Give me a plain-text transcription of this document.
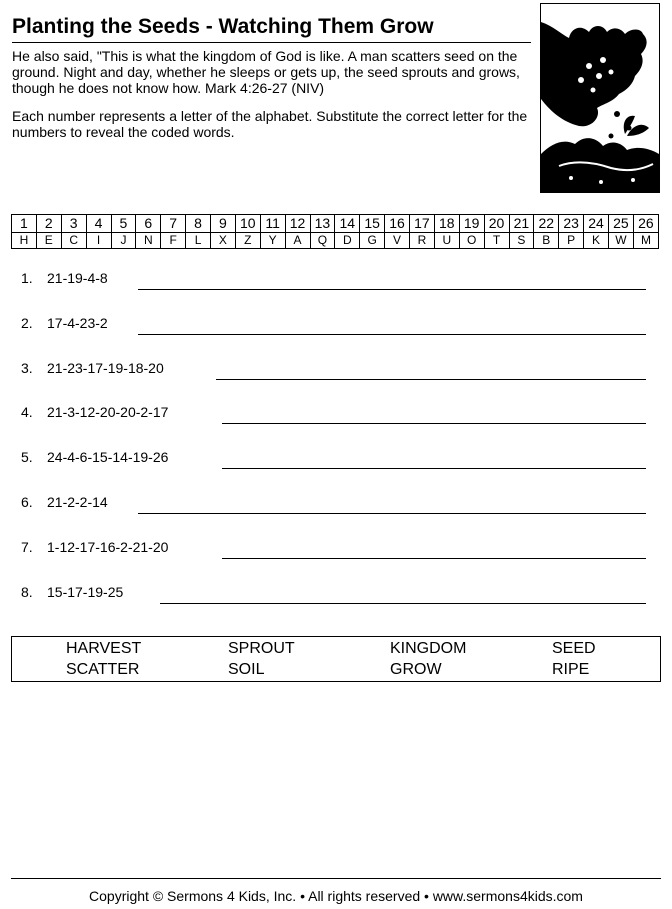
Planting the Seeds - Watching Them Grow

He also said, "This is what the kingdom of God is like. A man scatters seed on the ground. Night and day, whether he sleeps or gets up, the seed sprouts and grows, though he does not know how. Mark 4:26-27 (NIV)

Each number represents a letter of the alphabet. Substitute the correct letter for the numbers to reveal the coded words.

1	2	3	4	5	6	7	8	9	10	11	12	13	14	15	16	17	18	19	20	21	22	23	24	25	26
H	E	C	I	J	N	F	L	X	Z	Y	A	Q	D	G	V	R	U	O	T	S	B	P	K	W	M
1. 21-19-4-8
2. 17-4-23-2
3. 21-23-17-19-18-20
4. 21-3-12-20-20-2-17
5. 24-4-6-15-14-19-26
6. 21-2-2-14
7. 1-12-17-16-2-21-20
8. 15-17-19-25
HARVEST	SPROUT	KINGDOM	SEED
SCATTER	SOIL	GROW	RIPE
Copyright © Sermons 4 Kids, Inc. • All rights reserved • www.sermons4kids.com
